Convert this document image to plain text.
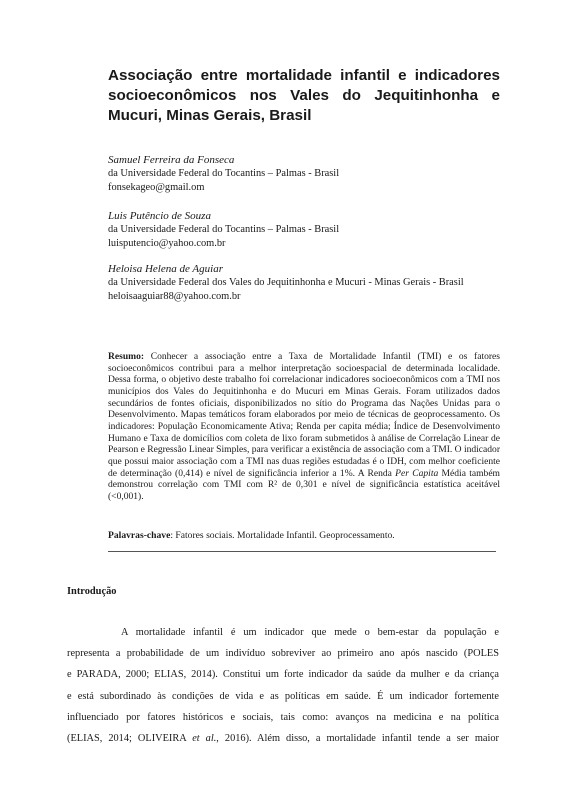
Associação entre mortalidade infantil e indicadores socioeconômicos nos Vales do Jequitinhonha e Mucuri, Minas Gerais, Brasil
Samuel Ferreira da Fonseca
da Universidade Federal do Tocantins – Palmas - Brasil
fonsekageo@gmail.om
Luis Putêncio de Souza
da Universidade Federal do Tocantins – Palmas - Brasil
luisputencio@yahoo.com.br
Heloisa Helena de Aguiar
da Universidade Federal dos Vales do Jequitinhonha e Mucuri - Minas Gerais - Brasil
heloisaaguiar88@yahoo.com.br

Resumo: Conhecer a associação entre a Taxa de Mortalidade Infantil (TMI) e os fatores socioeconômicos contribui para a melhor interpretação socioespacial de determinada localidade. Dessa forma, o objetivo deste trabalho foi correlacionar indicadores socioeconômicos com a TMI nos municípios dos Vales do Jequitinhonha e do Mucuri em Minas Gerais. Foram utilizados dados secundários de fontes oficiais, disponibilizados no sítio do Programa das Nações Unidas para o Desenvolvimento. Mapas temáticos foram elaborados por meio de técnicas de geoprocessamento. Os indicadores: População Economicamente Ativa; Renda per capita média; Índice de Desenvolvimento Humano e Taxa de domicílios com coleta de lixo foram submetidos à análise de Correlação Linear de Pearson e Regressão Linear Simples, para verificar a existência de associação com a TMI. O indicador que possui maior associação com a TMI nas duas regiões estudadas é o IDH, com melhor coeficiente de determinação (0,414) e nível de significância inferior a 1%. A Renda Per Capita Média também demonstrou correlação com TMI com R² de 0,301 e nível de significância estatística aceitável (<0,001).

Palavras-chave: Fatores sociais. Mortalidade Infantil. Geoprocessamento.

Introdução
A mortalidade infantil é um indicador que mede o bem-estar da população e
representa a probabilidade de um indivíduo sobreviver ao primeiro ano após nascido (POLES
e PARADA, 2000; ELIAS, 2014). Constitui um forte indicador da saúde da mulher e da criança
e está subordinado às condições de vida e as políticas em saúde. É um indicador fortemente
influenciado por fatores históricos e sociais, tais como: avanços na medicina e na política
(ELIAS, 2014; OLIVEIRA et al., 2016). Além disso, a mortalidade infantil tende a ser maior
